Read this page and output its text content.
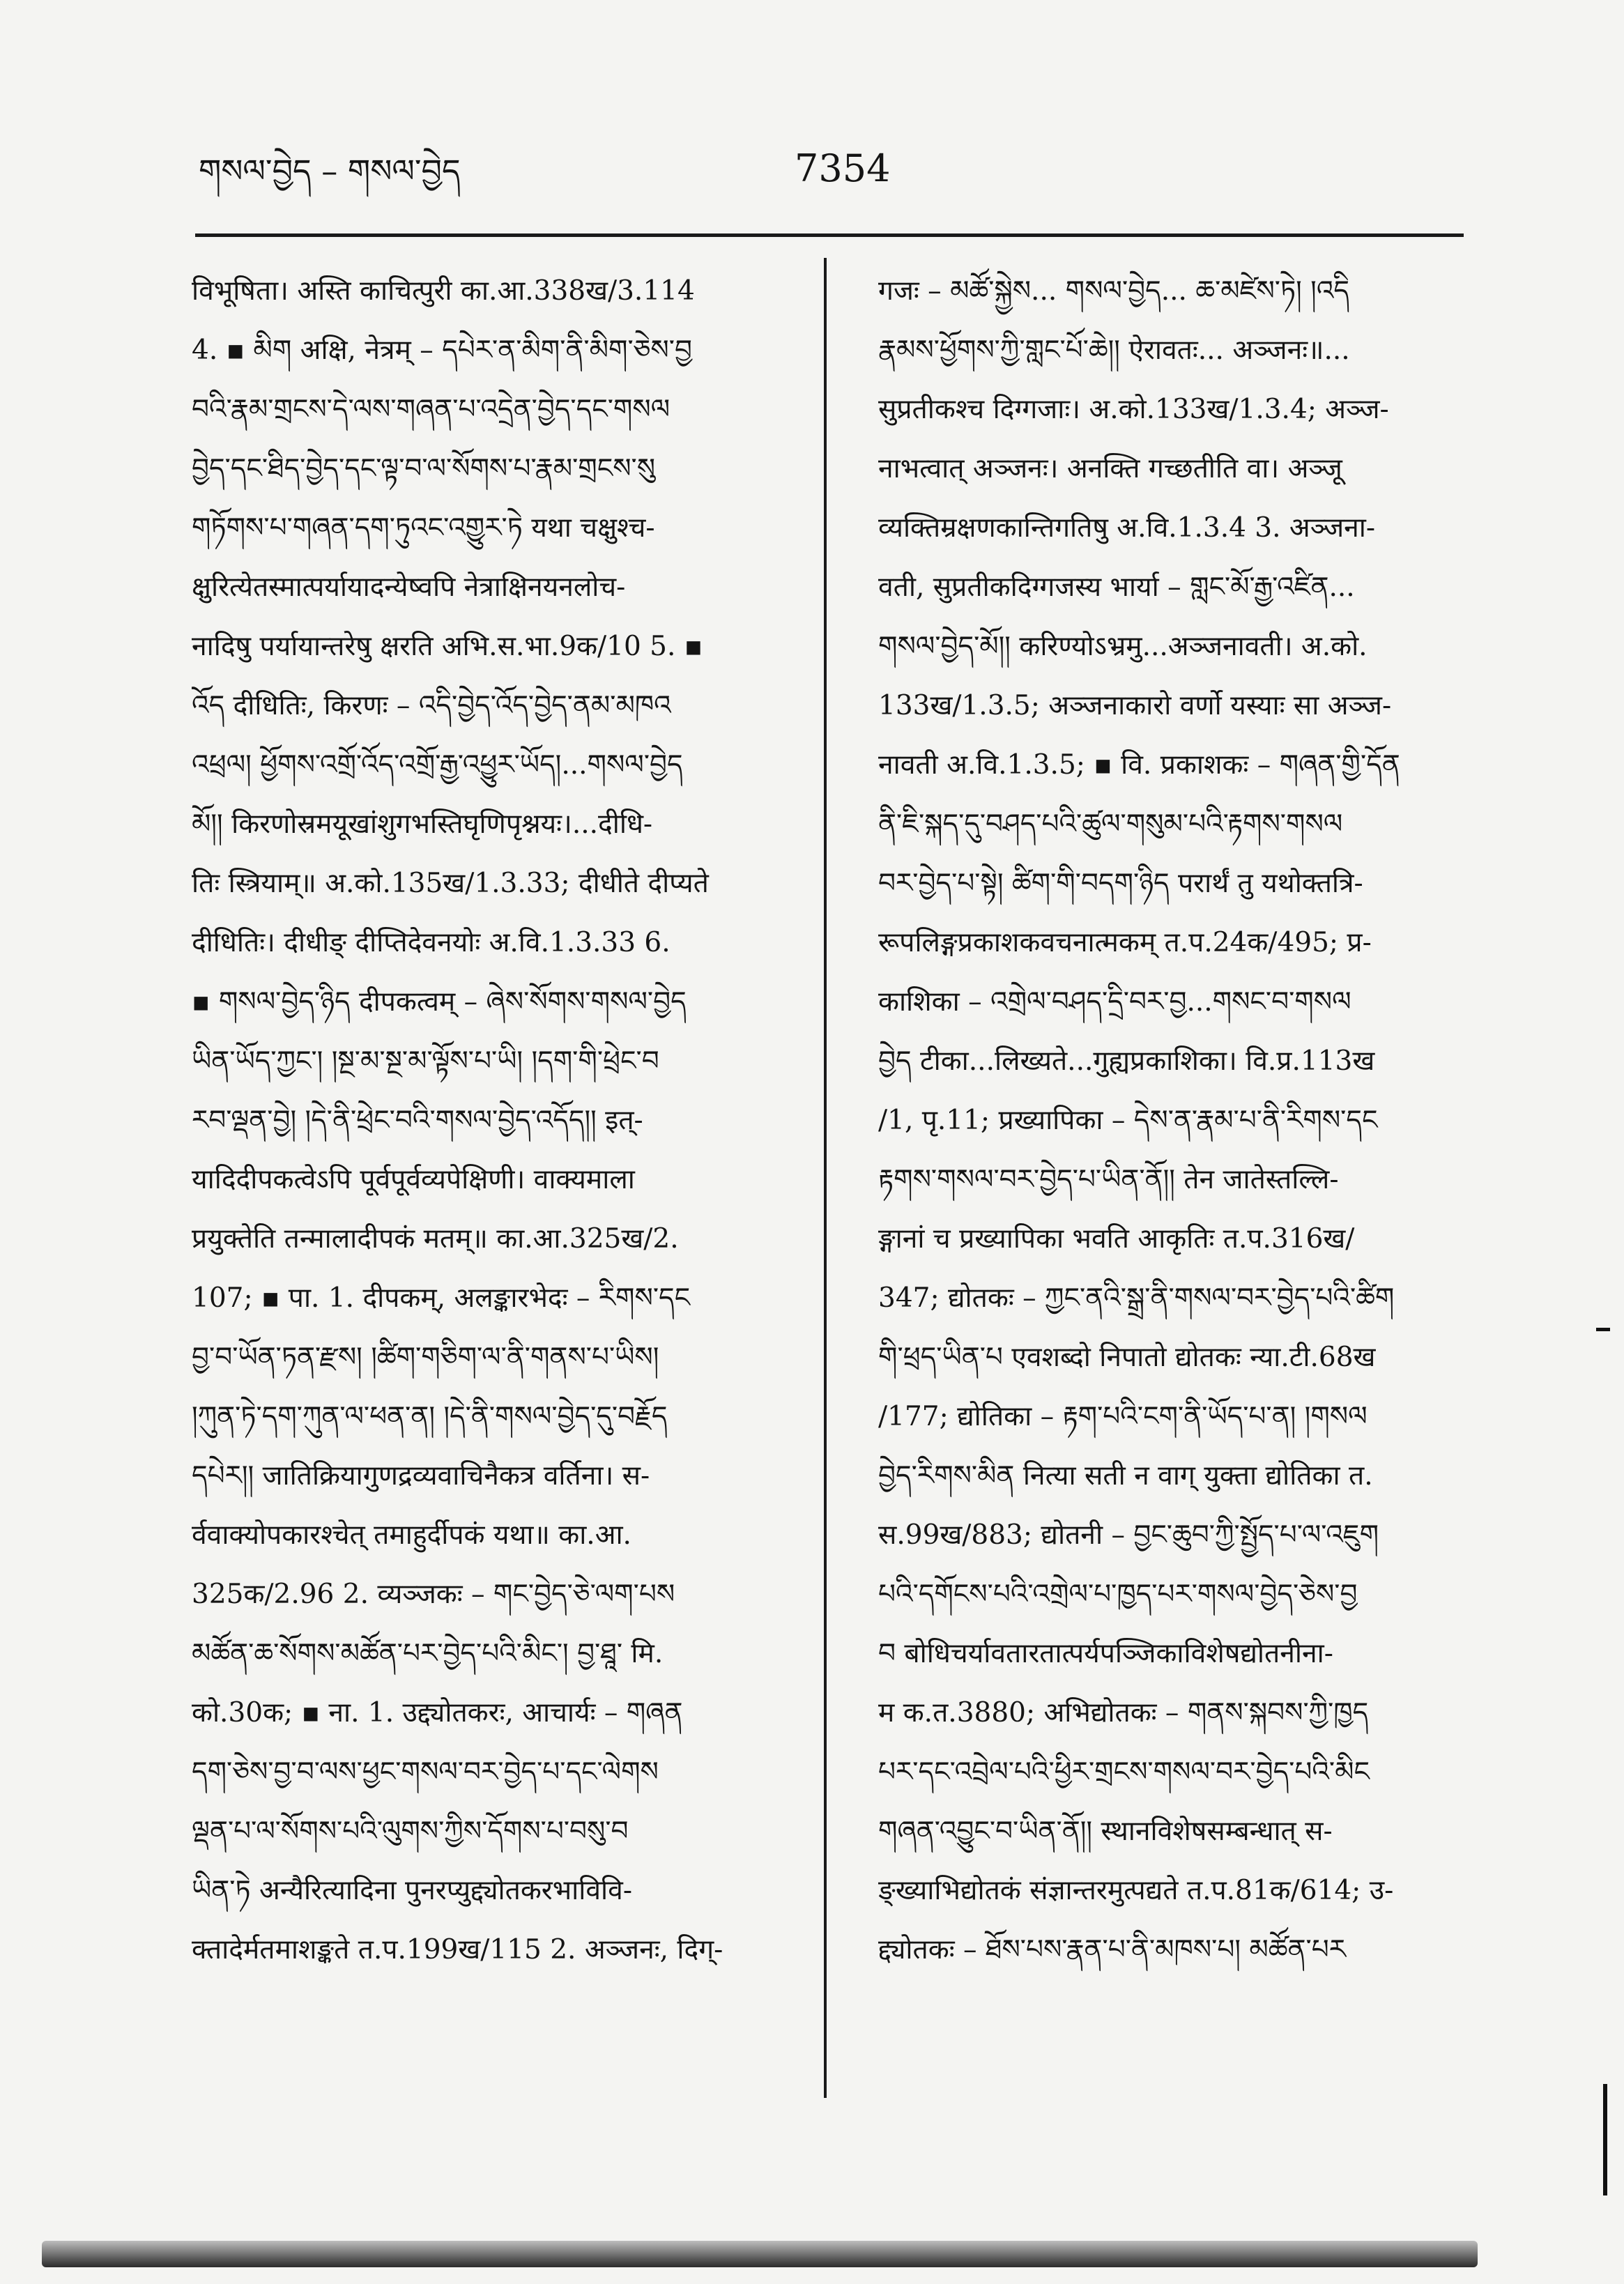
གསལ་བྱེད – གསལ་བྱེད	7354
विभूषिता। अस्ति काचित्पुरी का.आ.338ख/3.114
4. ▪ མིག अक्षि, नेत्रम् – དཔེར་ན་མིག་ནི་མིག་ཅེས་བྱ
བའི་རྣམ་གྲངས་དེ་ལས་གཞན་པ་འདྲེན་བྱེད་དང་གསལ
བྱེད་དང་ཐིད་བྱེད་དང་ལྟ་བ་ལ་སོགས་པ་རྣམ་གྲངས་སུ
གཏོགས་པ་གཞན་དག་ཏུའང་འགྱུར་ཏེ यथा चक्षुश्च-
क्षुरित्येतस्मात्पर्यायादन्येष्वपि नेत्राक्षिनयनलोच-
नादिषु पर्यायान्तरेषु क्षरति अभि.स.भा.9क/10 5. ▪
འོད दीधितिः, किरणः – འདི་བྱེད་འོད་བྱེད་ནམ་མཁའ
འཕྲལ། ཕྱོགས་འགྲོ་འོད་འགྲོ་རྒྱ་འཕྱུར་ཡོད།...གསལ་བྱེད
མོ།། किरणोस्रमयूखांशुगभस्तिघृणिपृश्नयः।...दीधि-
तिः स्त्रियाम्॥ अ.को.135ख/1.3.33; दीधीते दीप्यते
दीधितिः। दीधीङ् दीप्तिदेवनयोः अ.वि.1.3.33 6.
▪ གསལ་བྱེད་ཉིད दीपकत्वम् – ཞེས་སོགས་གསལ་བྱེད
ཡིན་ཡོད་ཀྱང་། །སྔ་མ་སྔ་མ་ལྟོས་པ་ཡི། །དག་གི་ཕྲེང་བ
རབ་ལྡན་བྱེ། །དེ་ནི་ཕྲེང་བའི་གསལ་བྱེད་འདོད།། इत्-
यादिदीपकत्वेऽपि पूर्वपूर्वव्यपेक्षिणी। वाक्यमाला
प्रयुक्तेति तन्मालादीपकं मतम्॥ का.आ.325ख/2.
107; ▪ पा. 1. दीपकम्, अलङ्कारभेदः – རིགས་དང
བྱ་བ་ཡོན་ཏན་རྫས། །ཚིག་གཅིག་ལ་ནི་གནས་པ་ཡིས།
།ཀུན་ཏེ་དག་ཀུན་ལ་ཕན་ན། །དེ་ནི་གསལ་བྱེད་དུ་བརྗོད
དཔེར།། जातिक्रियागुणद्रव्यवाचिनैकत्र वर्तिना। स-
र्ववाक्योपकारश्चेत् तमाहुर्दीपकं यथा॥ का.आ.
325क/2.96 2. व्यञ्जकः – གང་བྱེད་ཅེ་ལག་པས
མཚོན་ཆ་སོགས་མཚོན་པར་བྱེད་པའི་མིང་། བྱ་ཐཱ་ मि.
को.30क; ▪ ना. 1. उद्द्योतकरः, आचार्यः – གཞན
དག་ཅེས་བྱ་བ་ལས་ཕྱང་གསལ་བར་བྱེད་པ་དང་ལེགས
ལྡན་པ་ལ་སོགས་པའི་ལུགས་ཀྱིས་དོགས་པ་བསུ་བ
ཡིན་ཏེ अन्यैरित्यादिना पुनरप्युद्द्योतकरभाविवि-
क्तादेर्मतमाशङ्कते त.प.199ख/115 2. अञ्जनः, दिग्-
गजः – མཚོ་སྐྱེས... གསལ་བྱེད... ཆ་མཛེས་ཏེ། །འདི
རྣམས་ཕྱོགས་ཀྱི་གླང་པོ་ཆེ།། ऐरावतः... अञ्जनः॥...
सुप्रतीकश्च दिग्गजाः। अ.को.133ख/1.3.4; अञ्ज-
नाभत्वात् अञ्जनः। अनक्ति गच्छतीति वा। अञ्जू
व्यक्तिम्रक्षणकान्तिगतिषु अ.वि.1.3.4 3. अञ्जना-
वती, सुप्रतीकदिग्गजस्य भार्या – གླང་མོ་རྒྱ་འཛིན...
གསལ་བྱེད་མོ།། करिण्योऽभ्रमु...अञ्जनावती। अ.को.
133ख/1.3.5; अञ्जनाकारो वर्णो यस्याः सा अञ्ज-
नावती अ.वि.1.3.5; ▪ वि. प्रकाशकः – གཞན་གྱི་དོན
ནི་ཇི་སྐད་དུ་བཤད་པའི་ཚུལ་གསུམ་པའི་རྟགས་གསལ
བར་བྱེད་པ་སྟེ། ཚིག་གི་བདག་ཉིད परार्थं तु यथोक्तत्रि-
रूपलिङ्गप्रकाशकवचनात्मकम् त.प.24क/495; प्र-
काशिका – འགྲེལ་བཤད་དྲི་བར་བྱ...གསང་བ་གསལ
བྱེད टीका...लिख्यते...गुह्यप्रकाशिका। वि.प्र.113ख
/1, पृ.11; प्रख्यापिका – དེས་ན་རྣམ་པ་ནི་རིགས་དང
རྟགས་གསལ་བར་བྱེད་པ་ཡིན་ནོ།། तेन जातेस्तल्लि-
ङ्गानां च प्रख्यापिका भवति आकृतिः त.प.316ख/
347; द्योतकः – ཀྱང་ནའི་སྒྲ་ནི་གསལ་བར་བྱེད་པའི་ཚིག
གི་ཕྲད་ཡིན་པ एवशब्दो निपातो द्योतकः न्या.टी.68ख
/177; द्योतिका – རྟག་པའི་ངག་ནི་ཡོད་པ་ན། །གསལ
བྱེད་རིགས་མིན नित्या सती न वाग् युक्ता द्योतिका त.
स.99ख/883; द्योतनी – བྱང་ཆུབ་ཀྱི་སྤྱོད་པ་ལ་འཇུག
པའི་དགོངས་པའི་འགྲེལ་པ་ཁྱད་པར་གསལ་བྱེད་ཅེས་བྱ
བ बोधिचर्यावतारतात्पर्यपञ्जिकाविशेषद्योतनीना-
म क.त.3880; अभिद्योतकः – གནས་སྐབས་ཀྱི་ཁྱད
པར་དང་འབྲེལ་པའི་ཕྱིར་གྲངས་གསལ་བར་བྱེད་པའི་མིང
གཞན་འབྱུང་བ་ཡིན་ནོ།། स्थानविशेषसम्बन्धात् स-
ङ्ख्याभिद्योतकं संज्ञान्तरमुत्पद्यते त.प.81क/614; उ-
द्द्योतकः – ཐོས་པས་རྣན་པ་ནི་མཁས་པ། མཚོན་པར
